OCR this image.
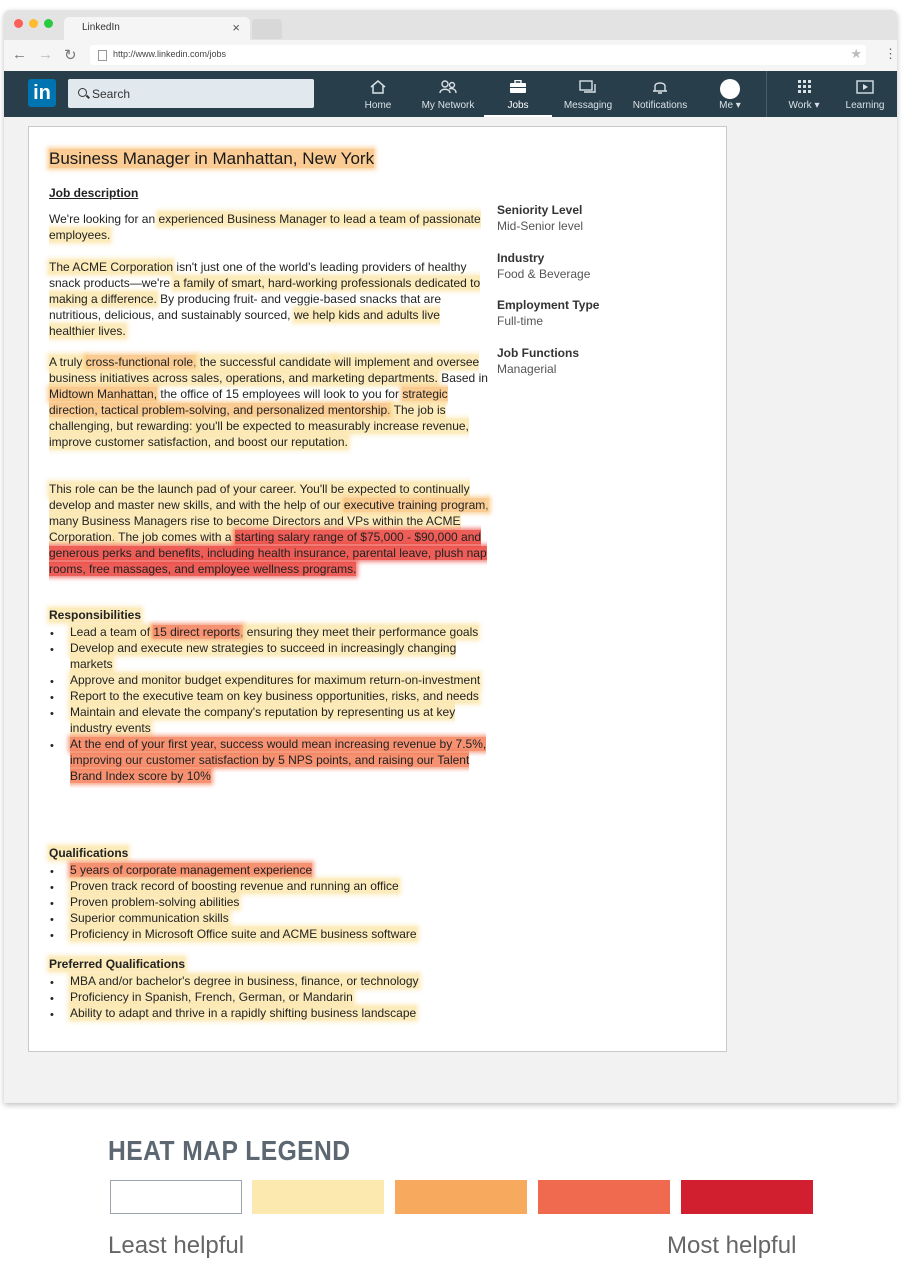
LinkedIn	×
← → ↻	http://www.linkedin.com/jobs	★ ⋮
in	Search
Home	My Network	Jobs	Messaging	Notifications	Me ▾	Work ▾	Learning
Business Manager in Manhattan, New York
Job description

We're looking for an experienced Business Manager to lead a team of passionate employees.

The ACME Corporation isn't just one of the world's leading providers of healthy snack products—we're a family of smart, hard-working professionals dedicated to making a difference. By producing fruit- and veggie-based snacks that are nutritious, delicious, and sustainably sourced, we help kids and adults live healthier lives.

A truly cross-functional role, the successful candidate will implement and oversee business initiatives across sales, operations, and marketing departments. Based in Midtown Manhattan, the office of 15 employees will look to you for strategic direction, tactical problem-solving, and personalized mentorship. The job is challenging, but rewarding: you'll be expected to measurably increase revenue, improve customer satisfaction, and boost our reputation.

This role can be the launch pad of your career. You'll be expected to continually develop and master new skills, and with the help of our executive training program, many Business Managers rise to become Directors and VPs within the ACME Corporation. The job comes with a starting salary range of $75,000 - $90,000 and generous perks and benefits, including health insurance, parental leave, plush nap rooms, free massages, and employee wellness programs.

Responsibilities
• Lead a team of 15 direct reports, ensuring they meet their performance goals
• Develop and execute new strategies to succeed in increasingly changing markets
• Approve and monitor budget expenditures for maximum return-on-investment
• Report to the executive team on key business opportunities, risks, and needs
• Maintain and elevate the company's reputation by representing us at key industry events
• At the end of your first year, success would mean increasing revenue by 7.5%, improving our customer satisfaction by 5 NPS points, and raising our Talent Brand Index score by 10%
Qualifications
• 5 years of corporate management experience
• Proven track record of boosting revenue and running an office
• Proven problem-solving abilities
• Superior communication skills
• Proficiency in Microsoft Office suite and ACME business software
Preferred Qualifications
• MBA and/or bachelor's degree in business, finance, or technology
• Proficiency in Spanish, French, German, or Mandarin
• Ability to adapt and thrive in a rapidly shifting business landscape
Seniority Level
Mid-Senior level
Industry
Food & Beverage
Employment Type
Full-time
Job Functions
Managerial
HEAT MAP LEGEND
Least helpful	Most helpful
